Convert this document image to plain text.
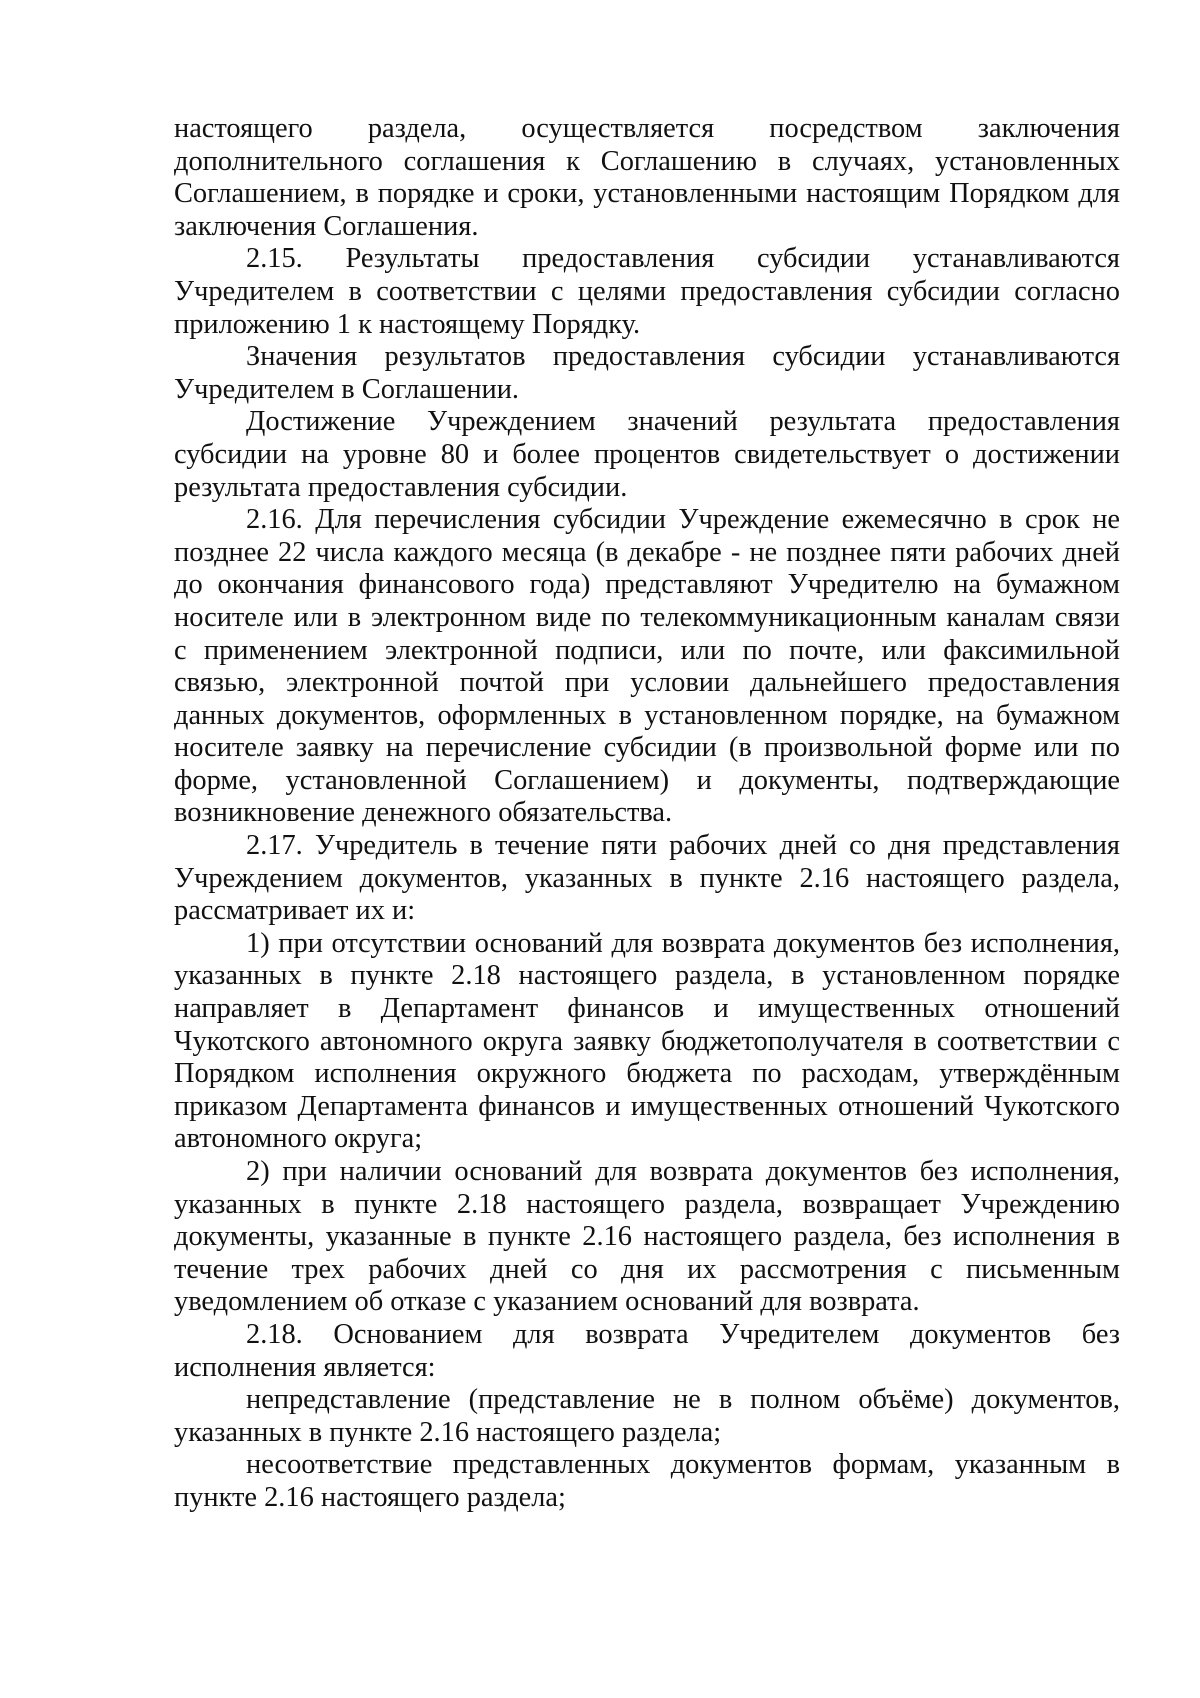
настоящего раздела, осуществляется посредством заключения дополнительного соглашения к Соглашению в случаях, установленных Соглашением, в порядке и сроки, установленными настоящим Порядком для заключения Соглашения.

2.15. Результаты предоставления субсидии устанавливаются Учредителем в соответствии с целями предоставления субсидии согласно приложению 1 к настоящему Порядку.

Значения результатов предоставления субсидии устанавливаются Учредителем в Соглашении.

Достижение Учреждением значений результата предоставления субсидии на уровне 80 и более процентов свидетельствует о достижении результата предоставления субсидии.

2.16. Для перечисления субсидии Учреждение ежемесячно в срок не позднее 22 числа каждого месяца (в декабре - не позднее пяти рабочих дней до окончания финансового года) представляют Учредителю на бумажном носителе или в электронном виде по телекоммуникационным каналам связи

с применением электронной подписи, или по почте, или факсимильной связью, электронной почтой при условии дальнейшего предоставления данных документов, оформленных в установленном порядке, на бумажном носителе заявку на перечисление субсидии (в произвольной форме или по форме, установленной Соглашением) и документы, подтверждающие возникновение денежного обязательства.

2.17. Учредитель в течение пяти рабочих дней со дня представления Учреждением документов, указанных в пункте 2.16 настоящего раздела, рассматривает их и:

1) при отсутствии оснований для возврата документов без исполнения, указанных в пункте 2.18 настоящего раздела, в установленном порядке направляет в Департамент финансов и имущественных отношений Чукотского автономного округа заявку бюджетополучателя в соответствии с Порядком исполнения окружного бюджета по расходам, утверждённым приказом Департамента финансов и имущественных отношений Чукотского автономного округа;

2) при наличии оснований для возврата документов без исполнения, указанных в пункте 2.18 настоящего раздела, возвращает Учреждению документы, указанные в пункте 2.16 настоящего раздела, без исполнения в течение трех рабочих дней со дня их рассмотрения с письменным уведомлением об отказе с указанием оснований для возврата.

2.18. Основанием для возврата Учредителем документов без исполнения является:

непредставление (представление не в полном объёме) документов, указанных в пункте 2.16 настоящего раздела;

несоответствие представленных документов формам, указанным в пункте 2.16 настоящего раздела;
